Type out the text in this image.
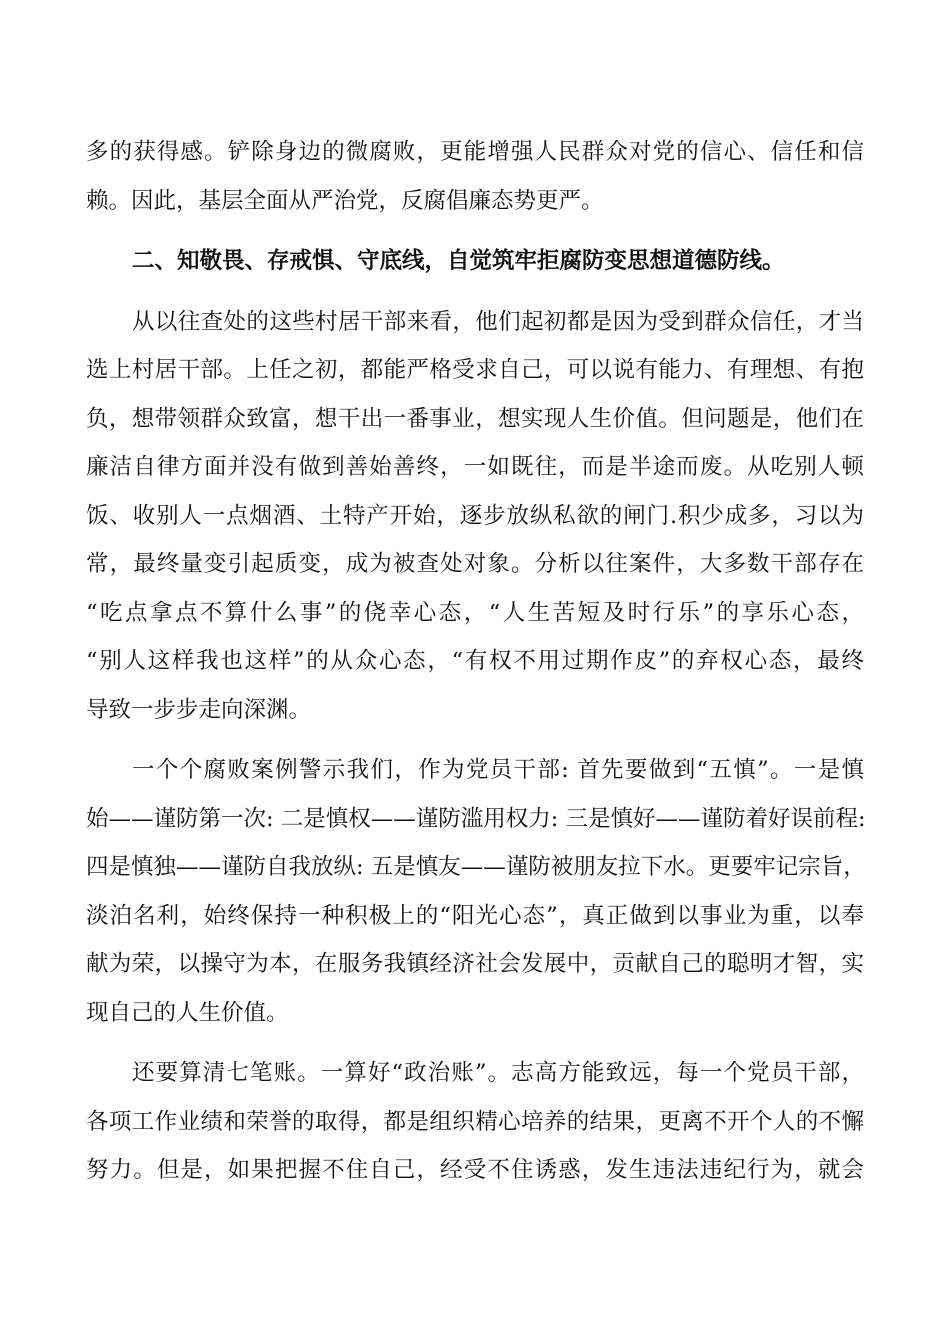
多的获得感。铲除身边的微腐败，更能增强人民群众对党的信心、信任和信
赖。因此，基层全面从严治党，反腐倡廉态势更严。
二、知敬畏、存戒惧、守底线，自觉筑牢拒腐防变思想道德防线。
从以往查处的这些村居干部来看，他们起初都是因为受到群众信任，才当
选上村居干部。上任之初，都能严格受求自己，可以说有能力、有理想、有抱
负，想带领群众致富，想干出一番事业，想实现人生价值。但问题是，他们在
廉洁自律方面并没有做到善始善终，一如既往，而是半途而废。从吃别人顿
饭、收别人一点烟酒、土特产开始，逐步放纵私欲的闸门.积少成多，习以为
常，最终量变引起质变，成为被查处对象。分析以往案件，大多数干部存在
“吃点拿点不算什么事”的侥幸心态，“人生苦短及时行乐”的享乐心态，
“别人这样我也这样”的从众心态，“有权不用过期作皮”的弃权心态，最终
导致一步步走向深渊。
一个个腐败案例警示我们，作为党员干部: 首先要做到“五慎”。一是慎
始——谨防第一次: 二是慎权——谨防滥用权力: 三是慎好——谨防着好误前程:
四是慎独——谨防自我放纵: 五是慎友——谨防被朋友拉下水。更要牢记宗旨，
淡泊名利，始终保持一种积极上的“阳光心态”，真正做到以事业为重，以奉
献为荣，以操守为本，在服务我镇经济社会发展中，贡献自己的聪明才智，实
现自己的人生价值。
还要算清七笔账。一算好“政治账”。志高方能致远，每一个党员干部，
各项工作业绩和荣誉的取得，都是组织精心培养的结果，更离不开个人的不懈
努力。但是，如果把握不住自己，经受不住诱惑，发生违法违纪行为，就会
